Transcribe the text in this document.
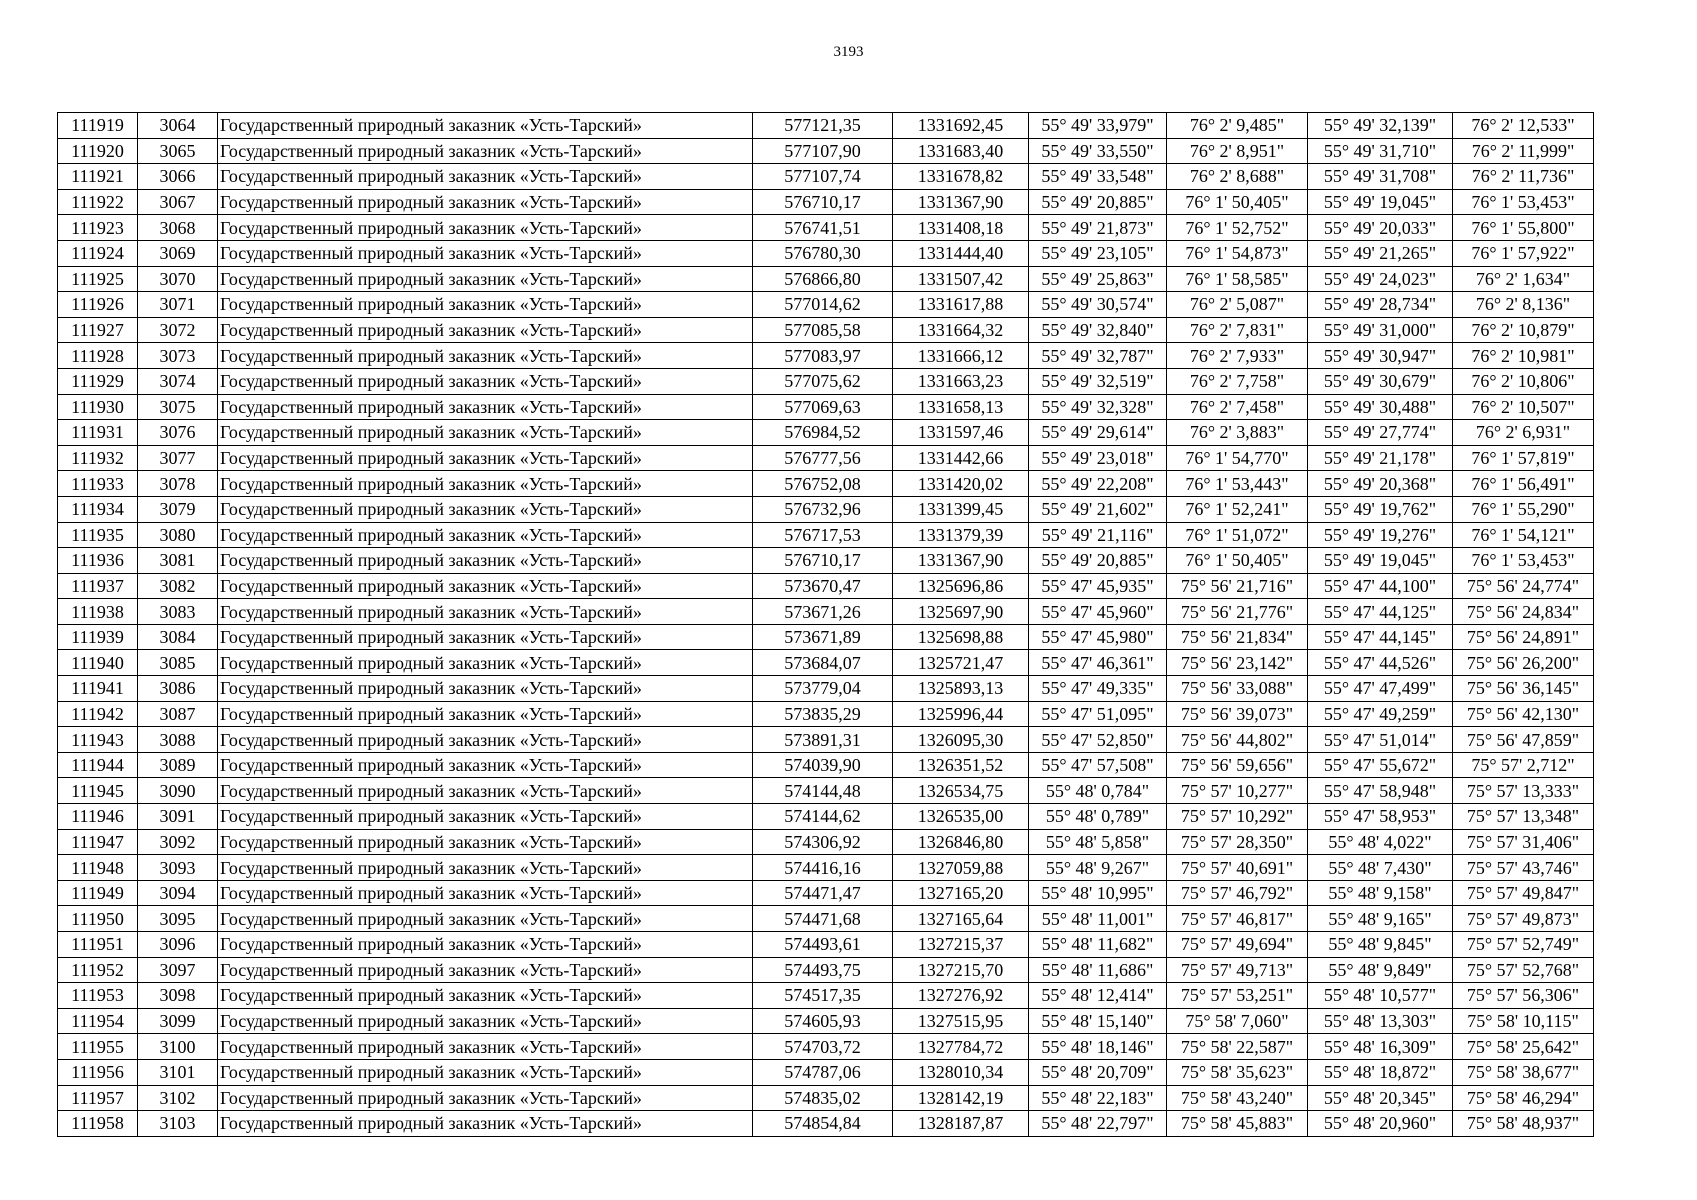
3193
111919	3064	Государственный природный заказник «Усть-Тарский»	577121,35	1331692,45	55° 49' 33,979"	76° 2' 9,485"	55° 49' 32,139"	76° 2' 12,533"
111920	3065	Государственный природный заказник «Усть-Тарский»	577107,90	1331683,40	55° 49' 33,550"	76° 2' 8,951"	55° 49' 31,710"	76° 2' 11,999"
111921	3066	Государственный природный заказник «Усть-Тарский»	577107,74	1331678,82	55° 49' 33,548"	76° 2' 8,688"	55° 49' 31,708"	76° 2' 11,736"
111922	3067	Государственный природный заказник «Усть-Тарский»	576710,17	1331367,90	55° 49' 20,885"	76° 1' 50,405"	55° 49' 19,045"	76° 1' 53,453"
111923	3068	Государственный природный заказник «Усть-Тарский»	576741,51	1331408,18	55° 49' 21,873"	76° 1' 52,752"	55° 49' 20,033"	76° 1' 55,800"
111924	3069	Государственный природный заказник «Усть-Тарский»	576780,30	1331444,40	55° 49' 23,105"	76° 1' 54,873"	55° 49' 21,265"	76° 1' 57,922"
111925	3070	Государственный природный заказник «Усть-Тарский»	576866,80	1331507,42	55° 49' 25,863"	76° 1' 58,585"	55° 49' 24,023"	76° 2' 1,634"
111926	3071	Государственный природный заказник «Усть-Тарский»	577014,62	1331617,88	55° 49' 30,574"	76° 2' 5,087"	55° 49' 28,734"	76° 2' 8,136"
111927	3072	Государственный природный заказник «Усть-Тарский»	577085,58	1331664,32	55° 49' 32,840"	76° 2' 7,831"	55° 49' 31,000"	76° 2' 10,879"
111928	3073	Государственный природный заказник «Усть-Тарский»	577083,97	1331666,12	55° 49' 32,787"	76° 2' 7,933"	55° 49' 30,947"	76° 2' 10,981"
111929	3074	Государственный природный заказник «Усть-Тарский»	577075,62	1331663,23	55° 49' 32,519"	76° 2' 7,758"	55° 49' 30,679"	76° 2' 10,806"
111930	3075	Государственный природный заказник «Усть-Тарский»	577069,63	1331658,13	55° 49' 32,328"	76° 2' 7,458"	55° 49' 30,488"	76° 2' 10,507"
111931	3076	Государственный природный заказник «Усть-Тарский»	576984,52	1331597,46	55° 49' 29,614"	76° 2' 3,883"	55° 49' 27,774"	76° 2' 6,931"
111932	3077	Государственный природный заказник «Усть-Тарский»	576777,56	1331442,66	55° 49' 23,018"	76° 1' 54,770"	55° 49' 21,178"	76° 1' 57,819"
111933	3078	Государственный природный заказник «Усть-Тарский»	576752,08	1331420,02	55° 49' 22,208"	76° 1' 53,443"	55° 49' 20,368"	76° 1' 56,491"
111934	3079	Государственный природный заказник «Усть-Тарский»	576732,96	1331399,45	55° 49' 21,602"	76° 1' 52,241"	55° 49' 19,762"	76° 1' 55,290"
111935	3080	Государственный природный заказник «Усть-Тарский»	576717,53	1331379,39	55° 49' 21,116"	76° 1' 51,072"	55° 49' 19,276"	76° 1' 54,121"
111936	3081	Государственный природный заказник «Усть-Тарский»	576710,17	1331367,90	55° 49' 20,885"	76° 1' 50,405"	55° 49' 19,045"	76° 1' 53,453"
111937	3082	Государственный природный заказник «Усть-Тарский»	573670,47	1325696,86	55° 47' 45,935"	75° 56' 21,716"	55° 47' 44,100"	75° 56' 24,774"
111938	3083	Государственный природный заказник «Усть-Тарский»	573671,26	1325697,90	55° 47' 45,960"	75° 56' 21,776"	55° 47' 44,125"	75° 56' 24,834"
111939	3084	Государственный природный заказник «Усть-Тарский»	573671,89	1325698,88	55° 47' 45,980"	75° 56' 21,834"	55° 47' 44,145"	75° 56' 24,891"
111940	3085	Государственный природный заказник «Усть-Тарский»	573684,07	1325721,47	55° 47' 46,361"	75° 56' 23,142"	55° 47' 44,526"	75° 56' 26,200"
111941	3086	Государственный природный заказник «Усть-Тарский»	573779,04	1325893,13	55° 47' 49,335"	75° 56' 33,088"	55° 47' 47,499"	75° 56' 36,145"
111942	3087	Государственный природный заказник «Усть-Тарский»	573835,29	1325996,44	55° 47' 51,095"	75° 56' 39,073"	55° 47' 49,259"	75° 56' 42,130"
111943	3088	Государственный природный заказник «Усть-Тарский»	573891,31	1326095,30	55° 47' 52,850"	75° 56' 44,802"	55° 47' 51,014"	75° 56' 47,859"
111944	3089	Государственный природный заказник «Усть-Тарский»	574039,90	1326351,52	55° 47' 57,508"	75° 56' 59,656"	55° 47' 55,672"	75° 57' 2,712"
111945	3090	Государственный природный заказник «Усть-Тарский»	574144,48	1326534,75	55° 48' 0,784"	75° 57' 10,277"	55° 47' 58,948"	75° 57' 13,333"
111946	3091	Государственный природный заказник «Усть-Тарский»	574144,62	1326535,00	55° 48' 0,789"	75° 57' 10,292"	55° 47' 58,953"	75° 57' 13,348"
111947	3092	Государственный природный заказник «Усть-Тарский»	574306,92	1326846,80	55° 48' 5,858"	75° 57' 28,350"	55° 48' 4,022"	75° 57' 31,406"
111948	3093	Государственный природный заказник «Усть-Тарский»	574416,16	1327059,88	55° 48' 9,267"	75° 57' 40,691"	55° 48' 7,430"	75° 57' 43,746"
111949	3094	Государственный природный заказник «Усть-Тарский»	574471,47	1327165,20	55° 48' 10,995"	75° 57' 46,792"	55° 48' 9,158"	75° 57' 49,847"
111950	3095	Государственный природный заказник «Усть-Тарский»	574471,68	1327165,64	55° 48' 11,001"	75° 57' 46,817"	55° 48' 9,165"	75° 57' 49,873"
111951	3096	Государственный природный заказник «Усть-Тарский»	574493,61	1327215,37	55° 48' 11,682"	75° 57' 49,694"	55° 48' 9,845"	75° 57' 52,749"
111952	3097	Государственный природный заказник «Усть-Тарский»	574493,75	1327215,70	55° 48' 11,686"	75° 57' 49,713"	55° 48' 9,849"	75° 57' 52,768"
111953	3098	Государственный природный заказник «Усть-Тарский»	574517,35	1327276,92	55° 48' 12,414"	75° 57' 53,251"	55° 48' 10,577"	75° 57' 56,306"
111954	3099	Государственный природный заказник «Усть-Тарский»	574605,93	1327515,95	55° 48' 15,140"	75° 58' 7,060"	55° 48' 13,303"	75° 58' 10,115"
111955	3100	Государственный природный заказник «Усть-Тарский»	574703,72	1327784,72	55° 48' 18,146"	75° 58' 22,587"	55° 48' 16,309"	75° 58' 25,642"
111956	3101	Государственный природный заказник «Усть-Тарский»	574787,06	1328010,34	55° 48' 20,709"	75° 58' 35,623"	55° 48' 18,872"	75° 58' 38,677"
111957	3102	Государственный природный заказник «Усть-Тарский»	574835,02	1328142,19	55° 48' 22,183"	75° 58' 43,240"	55° 48' 20,345"	75° 58' 46,294"
111958	3103	Государственный природный заказник «Усть-Тарский»	574854,84	1328187,87	55° 48' 22,797"	75° 58' 45,883"	55° 48' 20,960"	75° 58' 48,937"
